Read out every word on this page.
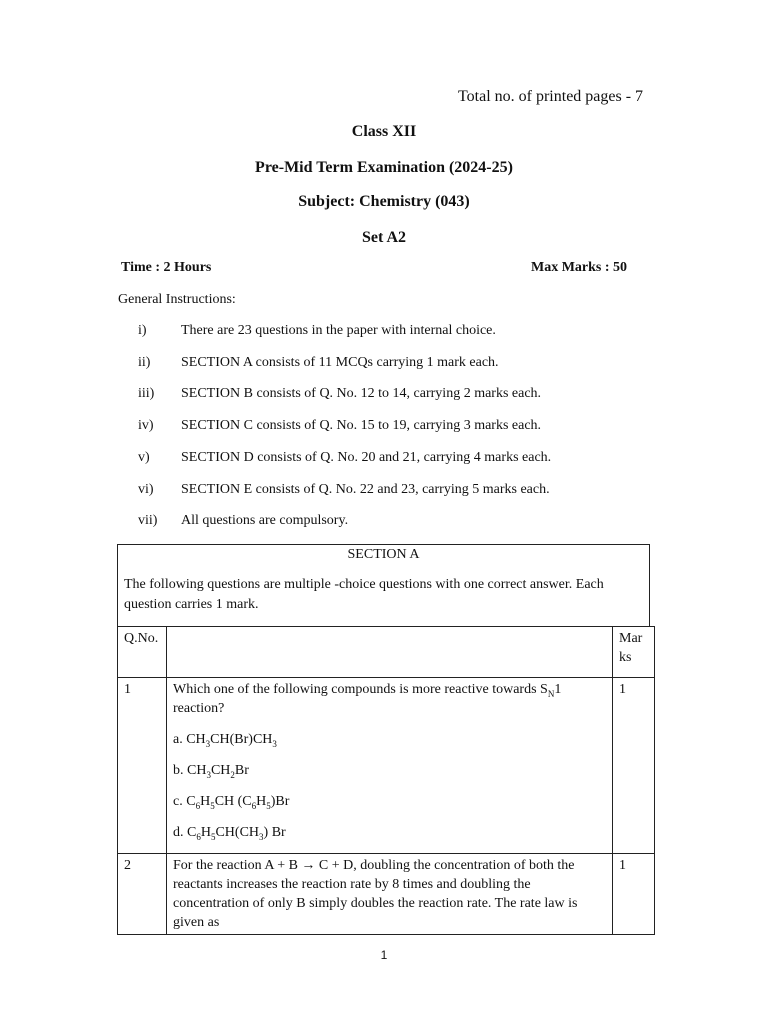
Total no. of printed pages - 7
Class XII
Pre-Mid Term Examination (2024-25)
Subject: Chemistry (043)
Set A2
Time : 2 Hours	Max Marks : 50
General Instructions:
i) There are 23 questions in the paper with internal choice.
ii) SECTION A consists of 11 MCQs carrying 1 mark each.
iii) SECTION B consists of Q. No. 12 to 14, carrying 2 marks each.
iv) SECTION C consists of Q. No. 15 to 19, carrying 3 marks each.
v) SECTION D consists of Q. No. 20 and 21, carrying 4 marks each.
vi) SECTION E consists of Q. No. 22 and 23, carrying 5 marks each.
vii) All questions are compulsory.
SECTION A
The following questions are multiple -choice questions with one correct answer. Each question carries 1 mark.
Q.No.		Mar
ks
1	Which one of the following compounds is more reactive towards $S_N1$ reaction?
a. $CH_3CH(Br)CH_3$
b. $CH_3CH_2Br$
c. $C_6H_5CH$ $(C_6H_5)Br$
d. $C_6H_5CH(CH_3)$ Br	1
2	For the reaction A + B → C + D, doubling the concentration of both the reactants increases the reaction rate by 8 times and doubling the concentration of only B simply doubles the reaction rate. The rate law is given as	1
1
